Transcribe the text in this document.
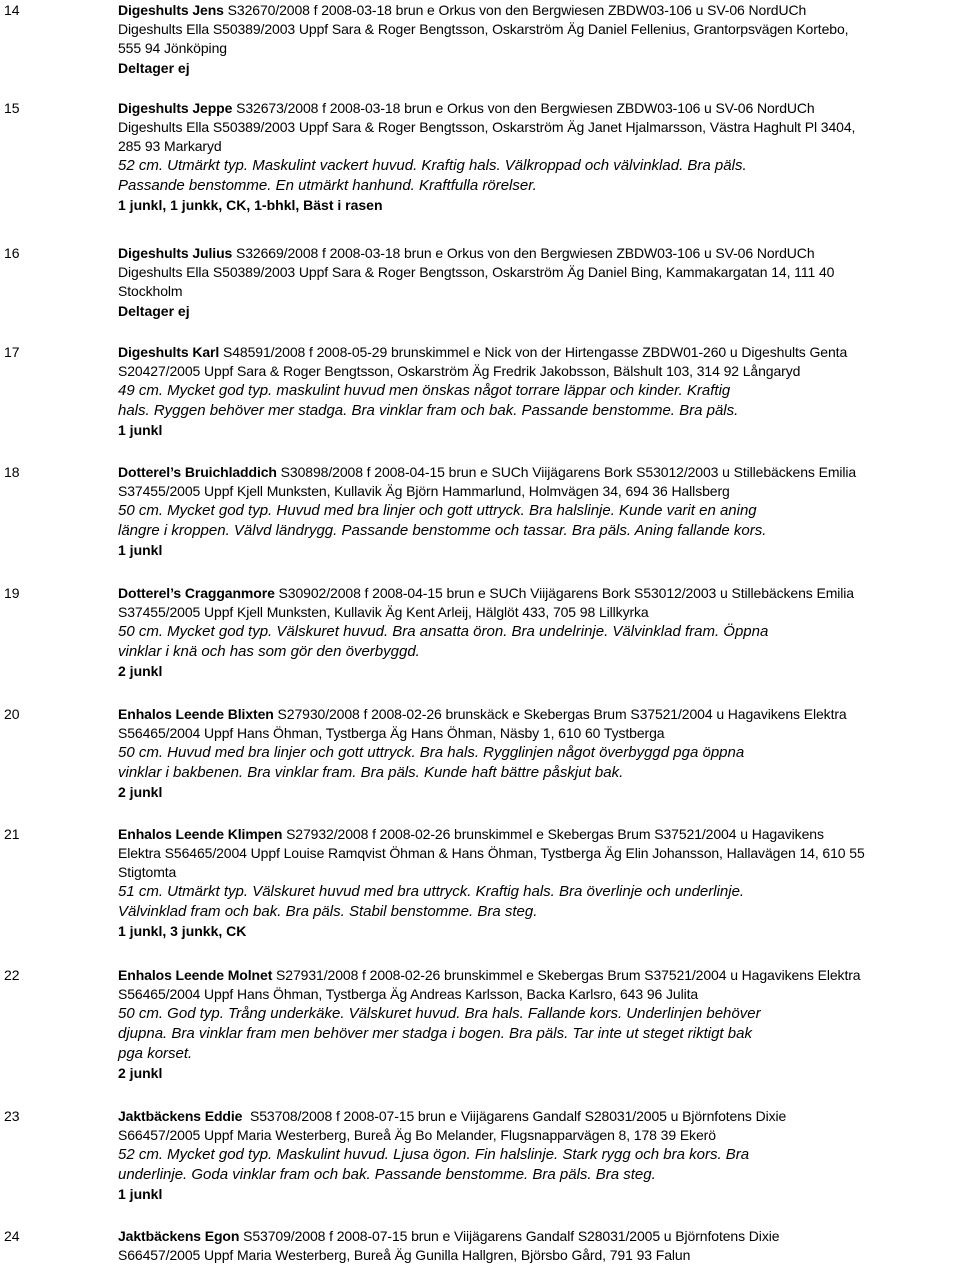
14	Digeshults Jens S32670/2008 f 2008-03-18 brun e Orkus von den Bergwiesen ZBDW03-106 u SV-06 NordUCh
Digeshults Ella S50389/2003 Uppf Sara & Roger Bengtsson, Oskarström Äg Daniel Fellenius, Grantorpsvägen Kortebo,
555 94 Jönköping
Deltager ej
15	Digeshults Jeppe S32673/2008 f 2008-03-18 brun e Orkus von den Bergwiesen ZBDW03-106 u SV-06 NordUCh
Digeshults Ella S50389/2003 Uppf Sara & Roger Bengtsson, Oskarström Äg Janet Hjalmarsson, Västra Haghult Pl 3404,
285 93 Markaryd
52 cm. Utmärkt typ. Maskulint vackert huvud. Kraftig hals. Välkroppad och välvinklad. Bra päls.
Passande benstomme. En utmärkt hanhund. Kraftfulla rörelser.
1 junkl, 1 junkk, CK, 1-bhkl, Bäst i rasen
16	Digeshults Julius S32669/2008 f 2008-03-18 brun e Orkus von den Bergwiesen ZBDW03-106 u SV-06 NordUCh
Digeshults Ella S50389/2003 Uppf Sara & Roger Bengtsson, Oskarström Äg Daniel Bing, Kammakargatan 14, 111 40
Stockholm
Deltager ej
17	Digeshults Karl S48591/2008 f 2008-05-29 brunskimmel e Nick von der Hirtengasse ZBDW01-260 u Digeshults Genta
S20427/2005 Uppf Sara & Roger Bengtsson, Oskarström Äg Fredrik Jakobsson, Bälshult 103, 314 92 Långaryd
49 cm. Mycket god typ. maskulint huvud men önskas något torrare läppar och kinder. Kraftig
hals. Ryggen behöver mer stadga. Bra vinklar fram och bak. Passande benstomme. Bra päls.
1 junkl
18	Dotterel’s Bruichladdich S30898/2008 f 2008-04-15 brun e SUCh Viijägarens Bork S53012/2003 u Stillebäckens Emilia
S37455/2005 Uppf Kjell Munksten, Kullavik Äg Björn Hammarlund, Holmvägen 34, 694 36 Hallsberg
50 cm. Mycket god typ. Huvud med bra linjer och gott uttryck. Bra halslinje. Kunde varit en aning
längre i kroppen. Välvd ländrygg. Passande benstomme och tassar. Bra päls. Aning fallande kors.
1 junkl
19	Dotterel’s Cragganmore S30902/2008 f 2008-04-15 brun e SUCh Viijägarens Bork S53012/2003 u Stillebäckens Emilia
S37455/2005 Uppf Kjell Munksten, Kullavik Äg Kent Arleij, Hälglöt 433, 705 98 Lillkyrka
50 cm. Mycket god typ. Välskuret huvud. Bra ansatta öron. Bra undelrinje. Välvinklad fram. Öppna
vinklar i knä och has som gör den överbyggd.
2 junkl
20	Enhalos Leende Blixten S27930/2008 f 2008-02-26 brunskäck e Skebergas Brum S37521/2004 u Hagavikens Elektra
S56465/2004 Uppf Hans Öhman, Tystberga Äg Hans Öhman, Näsby 1, 610 60 Tystberga
50 cm. Huvud med bra linjer och gott uttryck. Bra hals. Rygglinjen något överbyggd pga öppna
vinklar i bakbenen. Bra vinklar fram. Bra päls. Kunde haft bättre påskjut bak.
2 junkl
21	Enhalos Leende Klimpen S27932/2008 f 2008-02-26 brunskimmel e Skebergas Brum S37521/2004 u Hagavikens
Elektra S56465/2004 Uppf Louise Ramqvist Öhman & Hans Öhman, Tystberga Äg Elin Johansson, Hallavägen 14, 610 55
Stigtomta
51 cm. Utmärkt typ. Välskuret huvud med bra uttryck. Kraftig hals. Bra överlinje och underlinje.
Välvinklad fram och bak. Bra päls. Stabil benstomme. Bra steg.
1 junkl, 3 junkk, CK
22	Enhalos Leende Molnet S27931/2008 f 2008-02-26 brunskimmel e Skebergas Brum S37521/2004 u Hagavikens Elektra
S56465/2004 Uppf Hans Öhman, Tystberga Äg Andreas Karlsson, Backa Karlsro, 643 96 Julita
50 cm. God typ. Trång underkäke. Välskuret huvud. Bra hals. Fallande kors. Underlinjen behöver
djupna. Bra vinklar fram men behöver mer stadga i bogen. Bra päls. Tar inte ut steget riktigt bak
pga korset.
2 junkl
23	Jaktbäckens Eddie  S53708/2008 f 2008-07-15 brun e Viijägarens Gandalf S28031/2005 u Björnfotens Dixie
S66457/2005 Uppf Maria Westerberg, Bureå Äg Bo Melander, Flugsnapparvägen 8, 178 39 Ekerö
52 cm. Mycket god typ. Maskulint huvud. Ljusa ögon. Fin halslinje. Stark rygg och bra kors. Bra
underlinje. Goda vinklar fram och bak. Passande benstomme. Bra päls. Bra steg.
1 junkl
24	Jaktbäckens Egon S53709/2008 f 2008-07-15 brun e Viijägarens Gandalf S28031/2005 u Björnfotens Dixie
S66457/2005 Uppf Maria Westerberg, Bureå Äg Gunilla Hallgren, Björsbo Gård, 791 93 Falun
